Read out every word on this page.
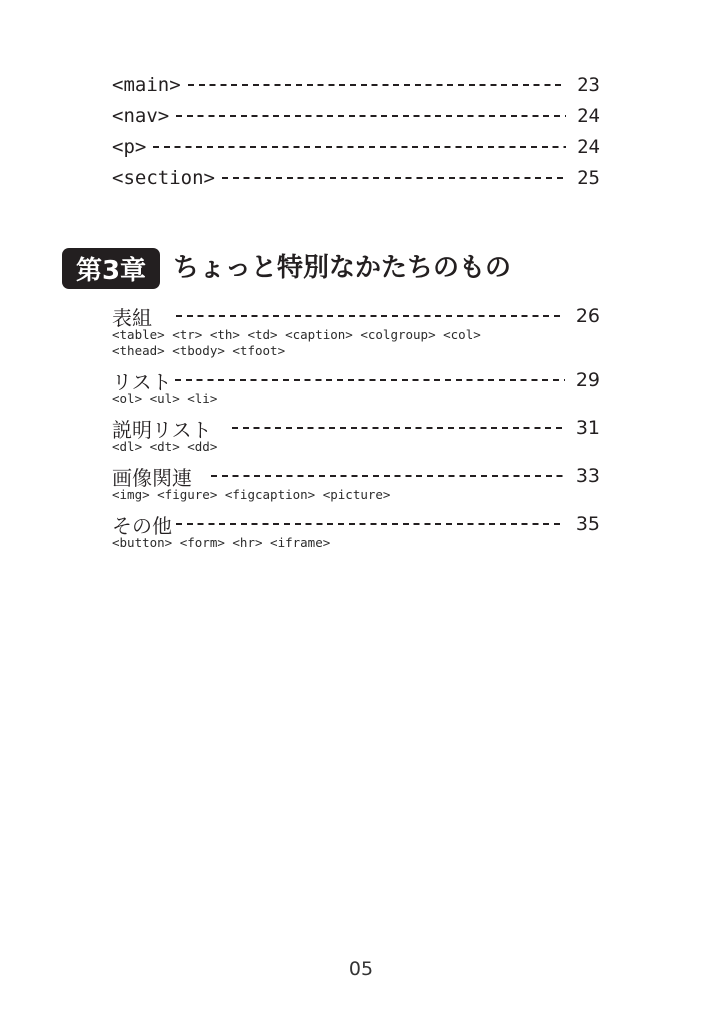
<main>	23
<nav>	24
<p>	24
<section>	25
第3章	ちょっと特別なかたちのもの
表組	26
<table> <tr> <th> <td> <caption> <colgroup> <col>
<thead> <tbody> <tfoot>
リスト	29
<ol> <ul> <li>
説明リスト	31
<dl> <dt> <dd>
画像関連	33
<img> <figure> <figcaption> <picture>
その他	35
<button> <form> <hr> <iframe>
05
